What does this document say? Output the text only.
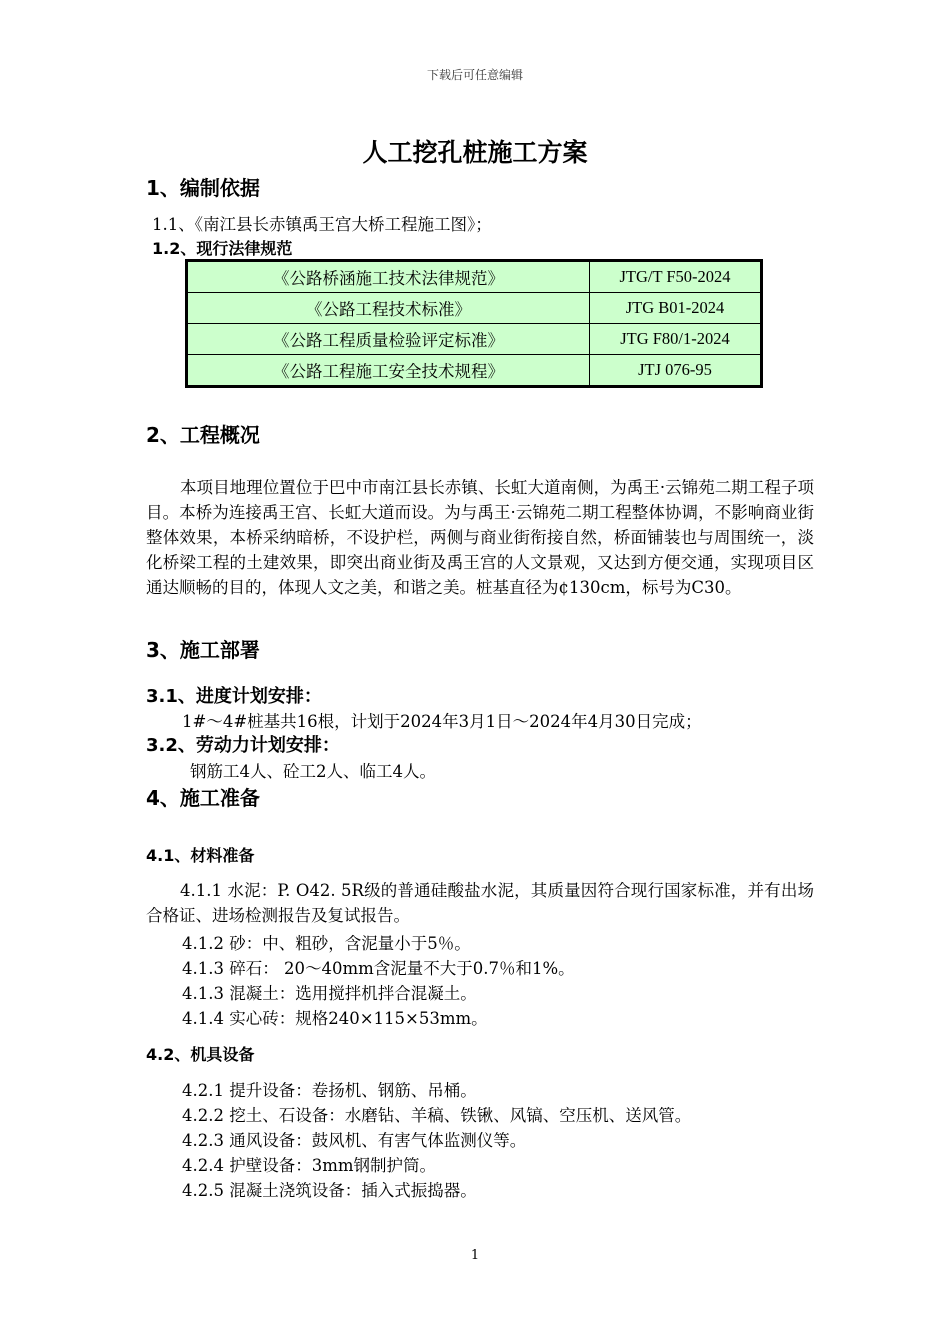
下载后可任意编辑
人工挖孔桩施工方案
1、编制依据
1.1、《南江县长赤镇禹王宫大桥工程施工图》；
1.2、现行法律规范
《公路桥涵施工技术法律规范》	JTG/T F50-2024
《公路工程技术标准》	JTG B01-2024
《公路工程质量检验评定标准》	JTG F80/1-2024
《公路工程施工安全技术规程》	JTJ 076-95
2、工程概况
本项目地理位置位于巴中市南江县长赤镇、长虹大道南侧，为禹王·云锦苑二期工程子项目。本桥为连接禹王宫、长虹大道而设。为与禹王·云锦苑二期工程整体协调，不影响商业街整体效果，本桥采纳暗桥，不设护栏，两侧与商业街衔接自然，桥面铺装也与周围统一，淡化桥梁工程的土建效果，即突出商业街及禹王宫的人文景观，又达到方便交通，实现项目区通达顺畅的目的，体现人文之美，和谐之美。桩基直径为¢130cm，标号为C30。
3、施工部署
3.1、进度计划安排：
1#～4#桩基共16根，计划于2024年3月1日～2024年4月30日完成；
3.2、劳动力计划安排：
钢筋工4人、砼工2人、临工4人。
4、施工准备
4.1、材料准备
4.1.1 水泥：P. O42. 5R级的普通硅酸盐水泥，其质量因符合现行国家标准，并有出场合格证、进场检测报告及复试报告。
4.1.2 砂：中、粗砂，含泥量小于5％。
4.1.3 碎石： 20～40mm含泥量不大于0.7％和1%。
4.1.3 混凝土：选用搅拌机拌合混凝土。
4.1.4 实心砖：规格240×115×53mm。
4.2、机具设备
4.2.1 提升设备：卷扬机、钢筋、吊桶。
4.2.2 挖土、石设备：水磨钻、羊稿、铁锹、风镐、空压机、送风管。
4.2.3 通风设备：鼓风机、有害气体监测仪等。
4.2.4 护壁设备：3mm钢制护筒。
4.2.5 混凝土浇筑设备：插入式振捣器。
1
